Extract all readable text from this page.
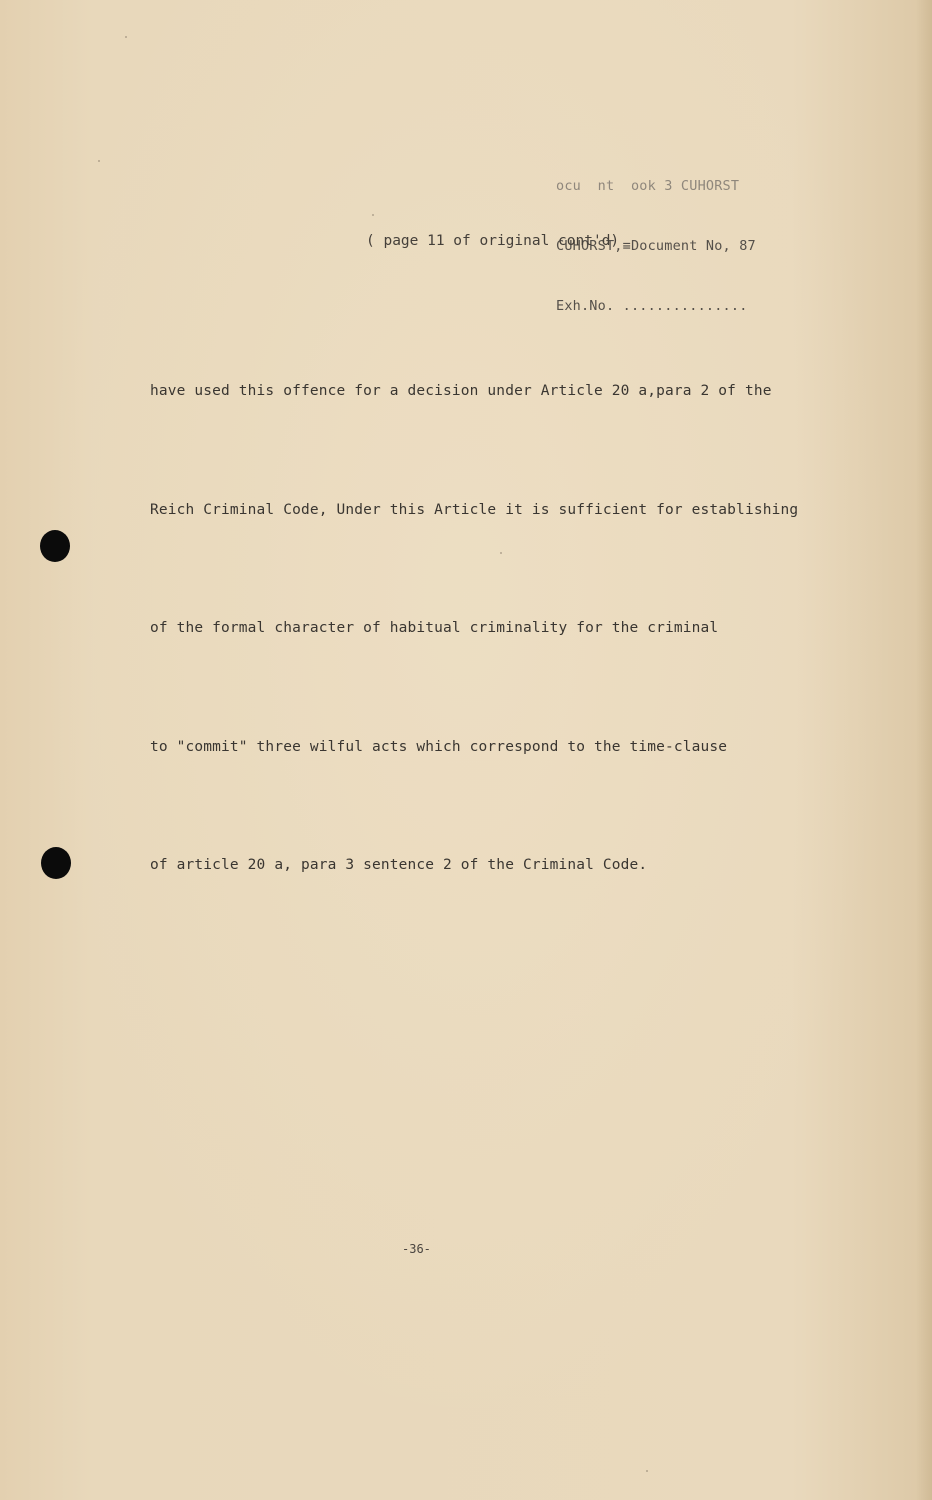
ocu  nt  ook 3 CUHORST

CUHORST,≡Document No, 87

Exh.No. ...............

( page 11 of original cont'd)

have used this offence for a decision under Article 20 a,para 2 of the

Reich Criminal Code, Under this Article it is sufficient for establishing

of the formal character of habitual criminality for the criminal

to "commit" three wilful acts which correspond to the time-clause

of article 20 a, para 3 sentence 2 of the Criminal Code.

-36-
